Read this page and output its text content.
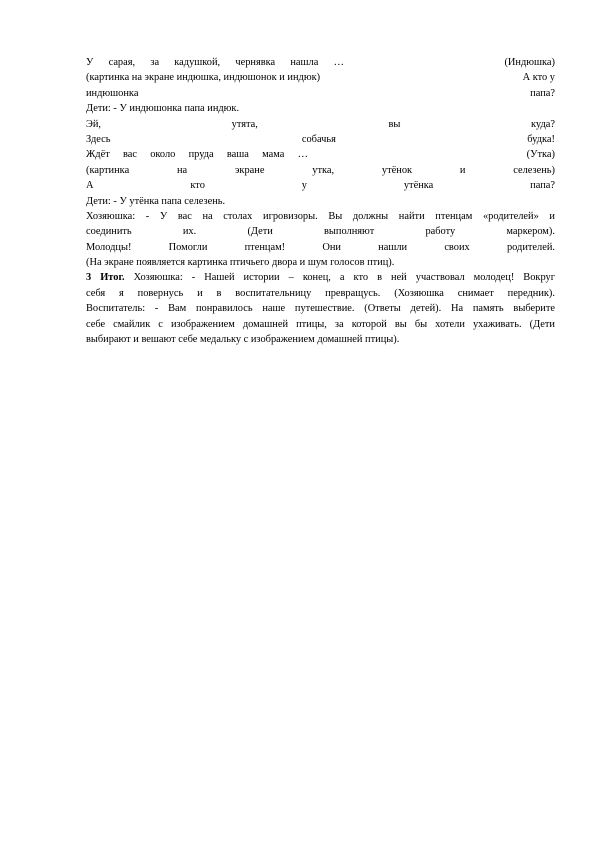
У сарая, за кадушкой, чернявка нашла …	(Индюшка)
(картинка на экране индюшка, индюшонок и индюк)	А кто у
индюшонка	папа?
Дети: - У индюшонка папа индюк.
Эй,	утята,	вы	куда?
Здесь	собачья	будка!
Ждёт вас около пруда ваша мама …	(Утка)
(картинка	на	экране	утка,	утёнок	и	селезень)
А	кто	у	утёнка	папа?
Дети: - У утёнка папа селезень.
Хозяюшка: - У вас на столах игровизоры. Вы должны найти птенцам «родителей» и
соединить	их.	(Дети	выполняют	работу	маркером).
Молодцы!	Помогли	птенцам!	Они	нашли	своих	родителей.
(На экране появляется картинка птичьего двора и шум голосов птиц).
3 Итог. Хозяюшка: - Нашей истории – конец, а кто в ней участвовал молодец! Вокруг
себя я повернусь и в воспитательницу превращусь. (Хозяюшка снимает передник).
Воспитатель: - Вам понравилось наше путешествие. (Ответы детей). На память выберите
себе смайлик с изображением домашней птицы, за которой вы бы хотели ухаживать. (Дети
выбирают и вешают себе медальку с изображением домашней птицы).
